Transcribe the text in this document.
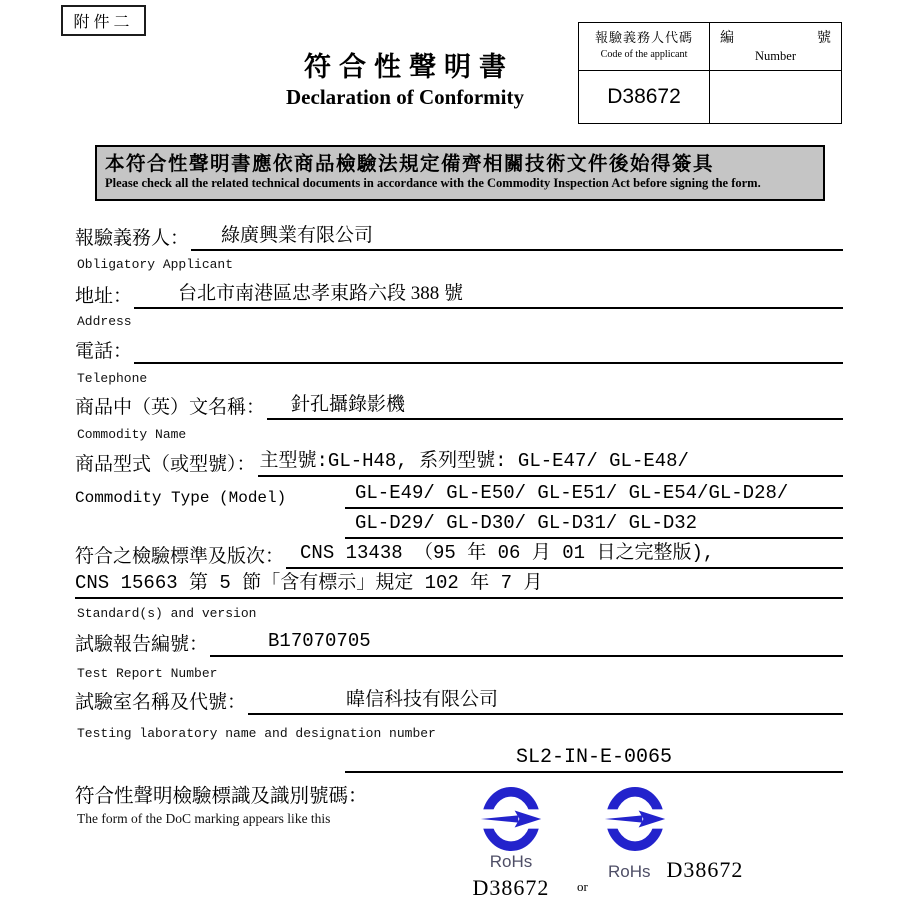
附件二
符合性聲明書
Declaration of Conformity
報驗義務人代碼
Code of the applicant
編	號
Number
D38672
本符合性聲明書應依商品檢驗法規定備齊相關技術文件後始得簽具
Please check all the related technical documents in accordance with the Commodity Inspection Act before signing the form.
報驗義務人：	綠廣興業有限公司
Obligatory Applicant
地址：	台北市南港區忠孝東路六段 388 號
Address
電話：
Telephone
商品中（英）文名稱：	針孔攝錄影機
Commodity Name
商品型式（或型號）： 主型號:GL-H48, 系列型號: GL-E47/ GL-E48/
Commodity Type (Model)	GL-E49/ GL-E50/ GL-E51/ GL-E54/GL-D28/
GL-D29/ GL-D30/ GL-D31/ GL-D32
符合之檢驗標準及版次： CNS 13438 （95 年 06 月 01 日之完整版),
CNS 15663 第 5 節「含有標示」規定 102 年 7 月
Standard(s) and version
試驗報告編號：	B17070705
Test Report Number
試驗室名稱及代號：	暐信科技有限公司
Testing laboratory name and designation number
SL2-IN-E-0065
符合性聲明檢驗標識及識別號碼：
The form of the DoC marking appears like this
RoHs
D38672	or
RoHs D38672
